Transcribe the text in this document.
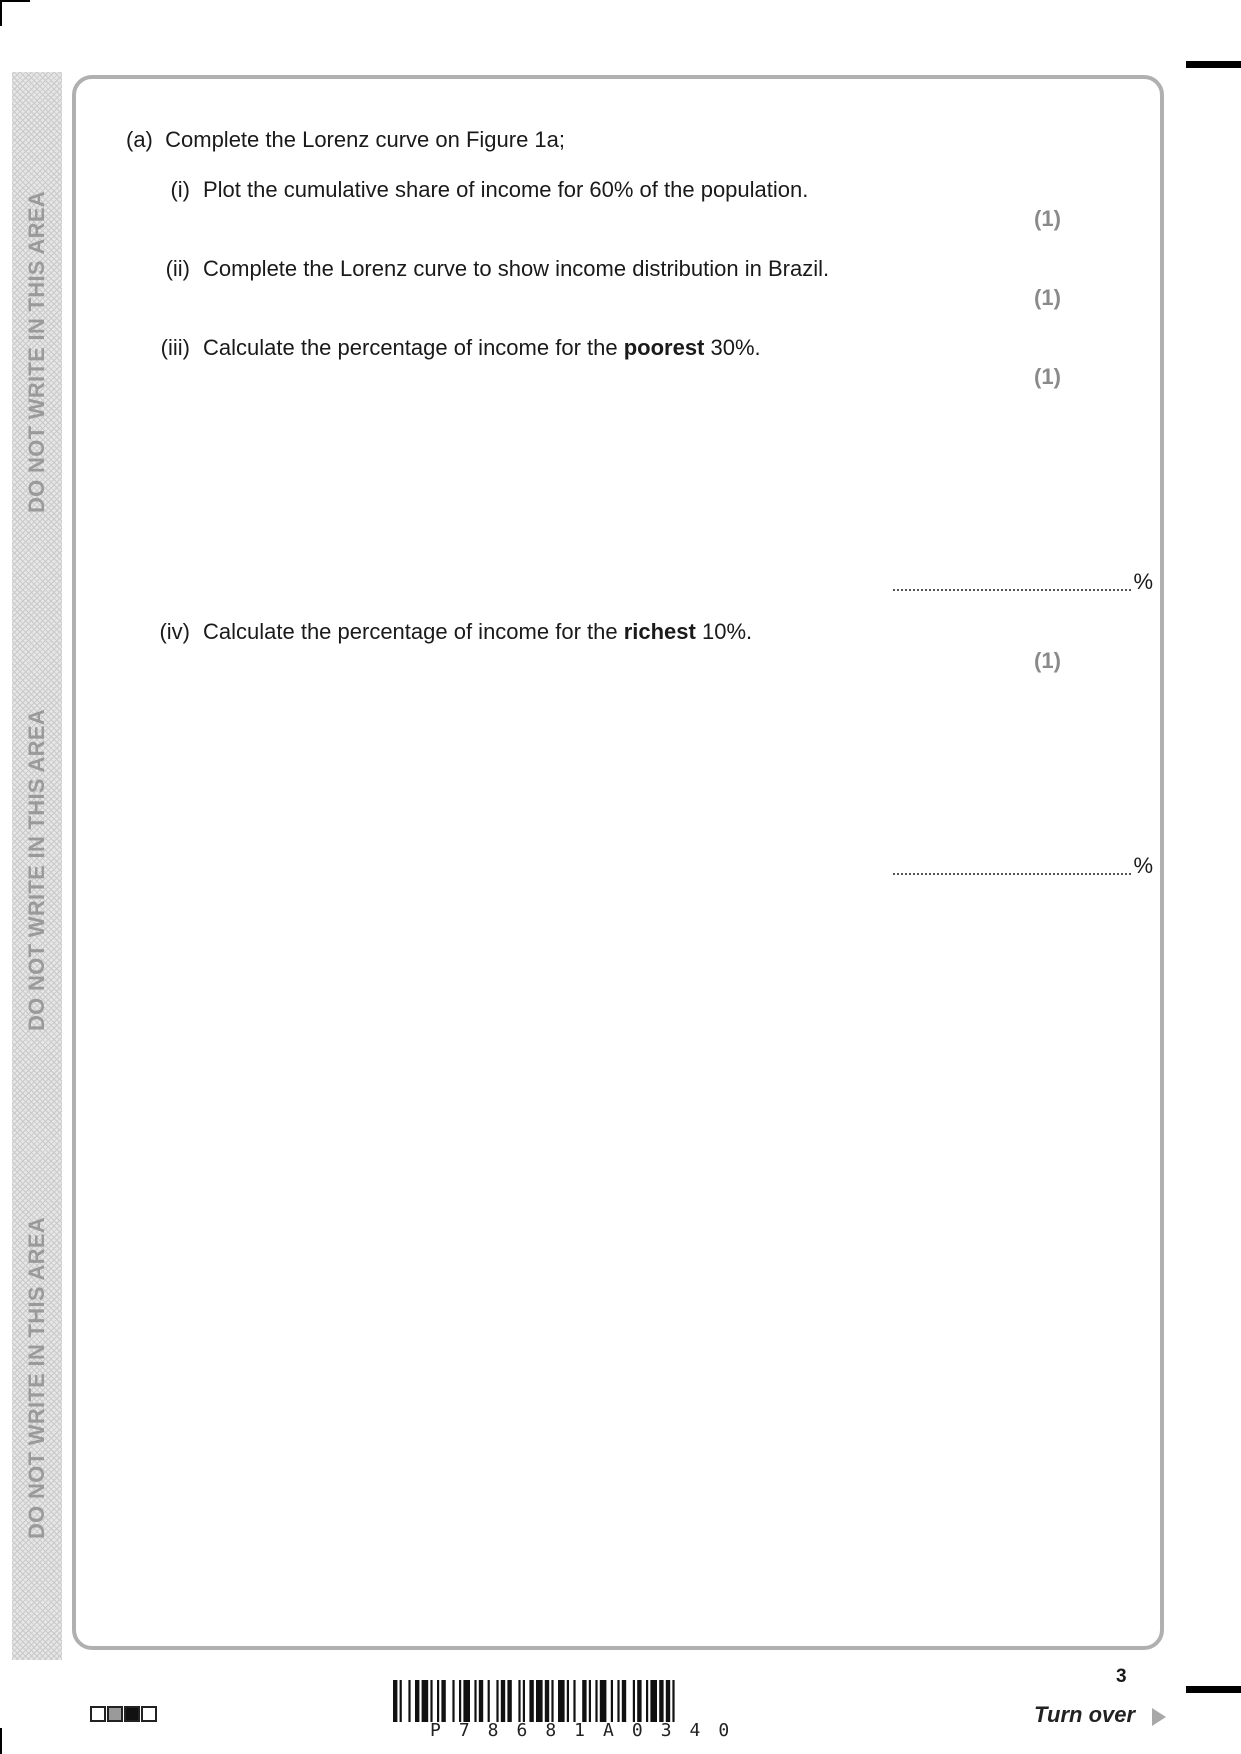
DO NOT WRITE IN THIS AREA
DO NOT WRITE IN THIS AREA
DO NOT WRITE IN THIS AREA
(a) Complete the Lorenz curve on Figure 1a;
(i) Plot the cumulative share of income for 60% of the population.
(1)
(ii) Complete the Lorenz curve to show income distribution in Brazil.
(1)
(iii) Calculate the percentage of income for the poorest 30%.
(1)
%
(iv) Calculate the percentage of income for the richest 10%.
(1)
%
P78681A0340
3
Turn over
